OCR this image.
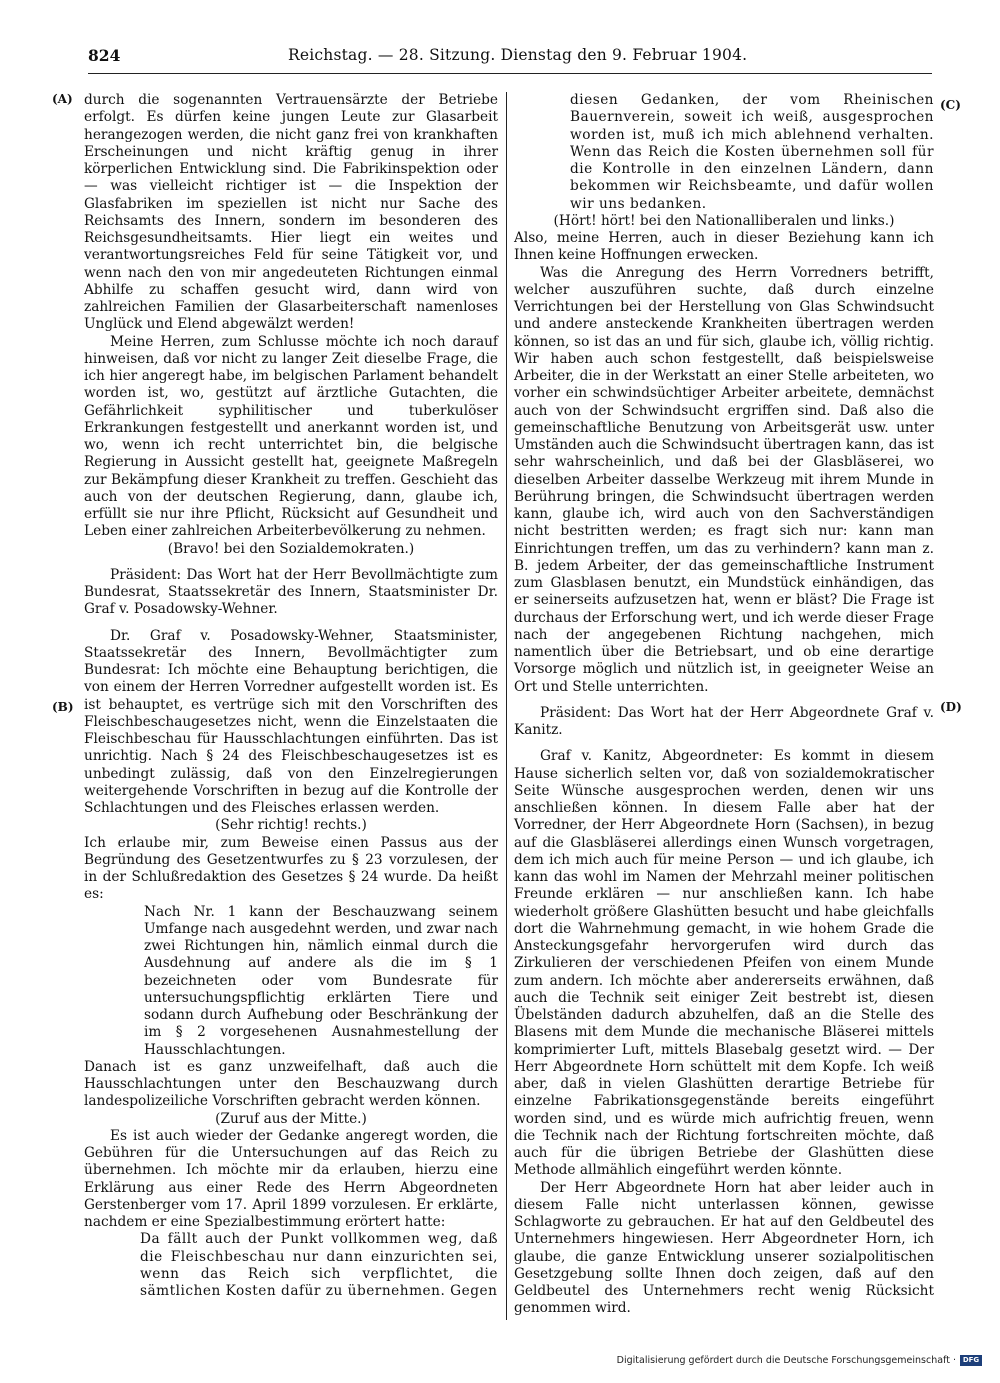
824	Reichstag. — 28. Sitzung. Dienstag den 9. Februar 1904.
(A)
(B)
(C)
(D)

durch die sogenannten Vertrauensärzte der Betriebe erfolgt. Es dürfen keine jungen Leute zur Glasarbeit herangezogen werden, die nicht ganz frei von krankhaften Erscheinungen und nicht kräftig genug in ihrer körperlichen Entwicklung sind. Die Fabrikinspektion oder — was vielleicht richtiger ist — die Inspektion der Glasfabriken im speziellen ist nicht nur Sache des Reichsamts des Innern, sondern im besonderen des Reichsgesundheitsamts. Hier liegt ein weites und verantwortungsreiches Feld für seine Tätigkeit vor, und wenn nach den von mir angedeuteten Richtungen einmal Abhilfe zu schaffen gesucht wird, dann wird von zahlreichen Familien der Glasarbeiterschaft namenloses Unglück und Elend abgewälzt werden!

Meine Herren, zum Schlusse möchte ich noch darauf hinweisen, daß vor nicht zu langer Zeit dieselbe Frage, die ich hier angeregt habe, im belgischen Parlament behandelt worden ist, wo, gestützt auf ärztliche Gutachten, die Gefährlichkeit syphilitischer und tuberkulöser Erkrankungen festgestellt und anerkannt worden ist, und wo, wenn ich recht unterrichtet bin, die belgische Regierung in Aussicht gestellt hat, geeignete Maßregeln zur Bekämpfung dieser Krankheit zu treffen. Geschieht das auch von der deutschen Regierung, dann, glaube ich, erfüllt sie nur ihre Pflicht, Rücksicht auf Gesundheit und Leben einer zahlreichen Arbeiterbevölkerung zu nehmen.

(Bravo! bei den Sozialdemokraten.)

Präsident: Das Wort hat der Herr Bevollmächtigte zum Bundesrat, Staatssekretär des Innern, Staatsminister Dr. Graf v. Posadowsky-Wehner.

Dr. Graf v. Posadowsky-Wehner, Staatsminister, Staatssekretär des Innern, Bevollmächtigter zum Bundesrat: Ich möchte eine Behauptung berichtigen, die von einem der Herren Vorredner aufgestellt worden ist. Es ist behauptet, es vertrüge sich mit den Vorschriften des Fleischbeschaugesetzes nicht, wenn die Einzelstaaten die Fleischbeschau für Hausschlachtungen einführten. Das ist unrichtig. Nach § 24 des Fleischbeschaugesetzes ist es unbedingt zulässig, daß von den Einzelregierungen weitergehende Vorschriften in bezug auf die Kontrolle der Schlachtungen und des Fleisches erlassen werden.

(Sehr richtig! rechts.)

Ich erlaube mir, zum Beweise einen Passus aus der Begründung des Gesetzentwurfes zu § 23 vorzulesen, der in der Schlußredaktion des Gesetzes § 24 wurde. Da heißt es:

Nach Nr. 1 kann der Beschauzwang seinem Umfange nach ausgedehnt werden, und zwar nach zwei Richtungen hin, nämlich einmal durch die Ausdehnung auf andere als die im § 1 bezeichneten oder vom Bundesrate für untersuchungspflichtig erklärten Tiere und sodann durch Aufhebung oder Beschränkung der im § 2 vorgesehenen Ausnahmestellung der Hausschlachtungen.

Danach ist es ganz unzweifelhaft, daß auch die Hausschlachtungen unter den Beschauzwang durch landespolizeiliche Vorschriften gebracht werden können.

(Zuruf aus der Mitte.)

Es ist auch wieder der Gedanke angeregt worden, die Gebühren für die Untersuchungen auf das Reich zu übernehmen. Ich möchte mir da erlauben, hierzu eine Erklärung aus einer Rede des Herrn Abgeordneten Gerstenberger vom 17. April 1899 vorzulesen. Er erklärte, nachdem er eine Spezialbestimmung erörtert hatte:

Da fällt auch der Punkt vollkommen weg, daß die Fleischbeschau nur dann einzurichten sei, wenn das Reich sich verpflichtet, die sämtlichen Kosten dafür zu übernehmen. Gegen

diesen Gedanken, der vom Rheinischen Bauernverein, soweit ich weiß, ausgesprochen worden ist, muß ich mich ablehnend verhalten. Wenn das Reich die Kosten übernehmen soll für die Kontrolle in den einzelnen Ländern, dann bekommen wir Reichsbeamte, und dafür wollen wir uns bedanken.

(Hört! hört! bei den Nationalliberalen und links.)

Also, meine Herren, auch in dieser Beziehung kann ich Ihnen keine Hoffnungen erwecken.

Was die Anregung des Herrn Vorredners betrifft, welcher auszuführen suchte, daß durch einzelne Verrichtungen bei der Herstellung von Glas Schwindsucht und andere ansteckende Krankheiten übertragen werden können, so ist das an und für sich, glaube ich, völlig richtig. Wir haben auch schon festgestellt, daß beispielsweise Arbeiter, die in der Werkstatt an einer Stelle arbeiteten, wo vorher ein schwindsüchtiger Arbeiter arbeitete, demnächst auch von der Schwindsucht ergriffen sind. Daß also die gemeinschaftliche Benutzung von Arbeitsgerät usw. unter Umständen auch die Schwindsucht übertragen kann, das ist sehr wahrscheinlich, und daß bei der Glasbläserei, wo dieselben Arbeiter dasselbe Werkzeug mit ihrem Munde in Berührung bringen, die Schwindsucht übertragen werden kann, glaube ich, wird auch von den Sachverständigen nicht bestritten werden; es fragt sich nur: kann man Einrichtungen treffen, um das zu verhindern? kann man z. B. jedem Arbeiter, der das gemeinschaftliche Instrument zum Glasblasen benutzt, ein Mundstück einhändigen, das er seinerseits aufzusetzen hat, wenn er bläst? Die Frage ist durchaus der Erforschung wert, und ich werde dieser Frage nach der angegebenen Richtung nachgehen, mich namentlich über die Betriebsart, und ob eine derartige Vorsorge möglich und nützlich ist, in geeigneter Weise an Ort und Stelle unterrichten.

Präsident: Das Wort hat der Herr Abgeordnete Graf v. Kanitz.

Graf v. Kanitz, Abgeordneter: Es kommt in diesem Hause sicherlich selten vor, daß von sozialdemokratischer Seite Wünsche ausgesprochen werden, denen wir uns anschließen können. In diesem Falle aber hat der Vorredner, der Herr Abgeordnete Horn (Sachsen), in bezug auf die Glasbläserei allerdings einen Wunsch vorgetragen, dem ich mich auch für meine Person — und ich glaube, ich kann das wohl im Namen der Mehrzahl meiner politischen Freunde erklären — nur anschließen kann. Ich habe wiederholt größere Glashütten besucht und habe gleichfalls dort die Wahrnehmung gemacht, in wie hohem Grade die Ansteckungsgefahr hervorgerufen wird durch das Zirkulieren der verschiedenen Pfeifen von einem Munde zum andern. Ich möchte aber andererseits erwähnen, daß auch die Technik seit einiger Zeit bestrebt ist, diesen Übelständen dadurch abzuhelfen, daß an die Stelle des Blasens mit dem Munde die mechanische Bläserei mittels komprimierter Luft, mittels Blasebalg gesetzt wird. — Der Herr Abgeordnete Horn schüttelt mit dem Kopfe. Ich weiß aber, daß in vielen Glashütten derartige Betriebe für einzelne Fabrikationsgegenstände bereits eingeführt worden sind, und es würde mich aufrichtig freuen, wenn die Technik nach der Richtung fortschreiten möchte, daß auch für die übrigen Betriebe der Glashütten diese Methode allmählich eingeführt werden könnte.

Der Herr Abgeordnete Horn hat aber leider auch in diesem Falle nicht unterlassen können, gewisse Schlagworte zu gebrauchen. Er hat auf den Geldbeutel des Unternehmers hingewiesen. Herr Abgeordneter Horn, ich glaube, die ganze Entwicklung unserer sozialpolitischen Gesetzgebung sollte Ihnen doch zeigen, daß auf den Geldbeutel des Unternehmers recht wenig Rücksicht genommen wird.

Digitalisierung gefördert durch die Deutsche Forschungsgemeinschaft · DFG
